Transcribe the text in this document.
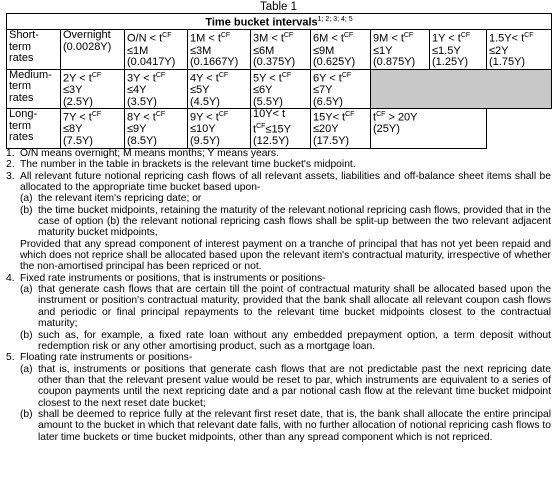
Table 1
Time bucket intervals$^{1; 2; 3; 4; 5}$

Short-
term
rates	Overnight
(0.0028Y)	$O/N < t^{CF}$
≤1M
(0.0417Y)	$1M < t^{CF}$
≤3M
(0.1667Y)	$3M < t^{CF}$
≤6M
(0.375Y)	$6M < t^{CF}$
≤9M
(0.625Y)	$9M < t^{CF}$
≤1Y
(0.875Y)	$1Y < t^{CF}$
≤1.5Y
(1.25Y)	$1.5Y< t^{CF}$
≤2Y
(1.75Y)

Medium-
term
rates	$2Y < t^{CF}$
≤3Y
(2.5Y)	$3Y < t^{CF}$
≤4Y
(3.5Y)	$4Y < t^{CF}$
≤5Y
(4.5Y)	$5Y < t^{CF}$
≤6Y
(5.5Y)	$6Y < t^{CF}$
≤7Y
(6.5Y)			

Long-
term
rates	$7Y < t^{CF}$
≤8Y
(7.5Y)	$8Y < t^{CF}$
≤9Y
(8.5Y)	$9Y < t^{CF}$
≤10Y
(9.5Y)	10Y< t
$t^{CF}\le 15Y$
(12.5Y)	$15Y< t^{CF}$
≤20Y
(17.5Y)	$t^{CF} > 20Y$
(25Y)		
1. O/N means overnight; M means months; Y means years.
2. The number in the table in brackets is the relevant time bucket's midpoint.
3. All relevant future notional repricing cash flows of all relevant assets, liabilities and off-balance sheet items shall be allocated to the appropriate time bucket based upon-
(a) the relevant item's repricing date; or
(b) the time bucket midpoints, retaining the maturity of the relevant notional repricing cash flows, provided that in the case of option (b) the relevant notional repricing cash flows shall be split-up between the two relevant adjacent maturity bucket midpoints,
Provided that any spread component of interest payment on a tranche of principal that has not yet been repaid and which does not reprice shall be allocated based upon the relevant item's contractual maturity, irrespective of whether the non-amortised principal has been repriced or not.
4. Fixed rate instruments or positions, that is instruments or positions-
(a) that generate cash flows that are certain till the point of contractual maturity shall be allocated based upon the instrument or position's contractual maturity, provided that the bank shall allocate all relevant coupon cash flows and periodic or final principal repayments to the relevant time bucket midpoints closest to the contractual maturity;
(b) such as, for example, a fixed rate loan without any embedded prepayment option, a term deposit without redemption risk or any other amortising product, such as a mortgage loan.
5. Floating rate instruments or positions-
(a) that is, instruments or positions that generate cash flows that are not predictable past the next repricing date other than that the relevant present value would be reset to par, which instruments are equivalent to a series of coupon payments until the next repricing date and a par notional cash flow at the relevant time bucket midpoint closest to the next reset date bucket;
(b) shall be deemed to reprice fully at the relevant first reset date, that is, the bank shall allocate the entire principal amount to the bucket in which that relevant date falls, with no further allocation of notional repricing cash flows to later time buckets or time bucket midpoints, other than any spread component which is not repriced.
